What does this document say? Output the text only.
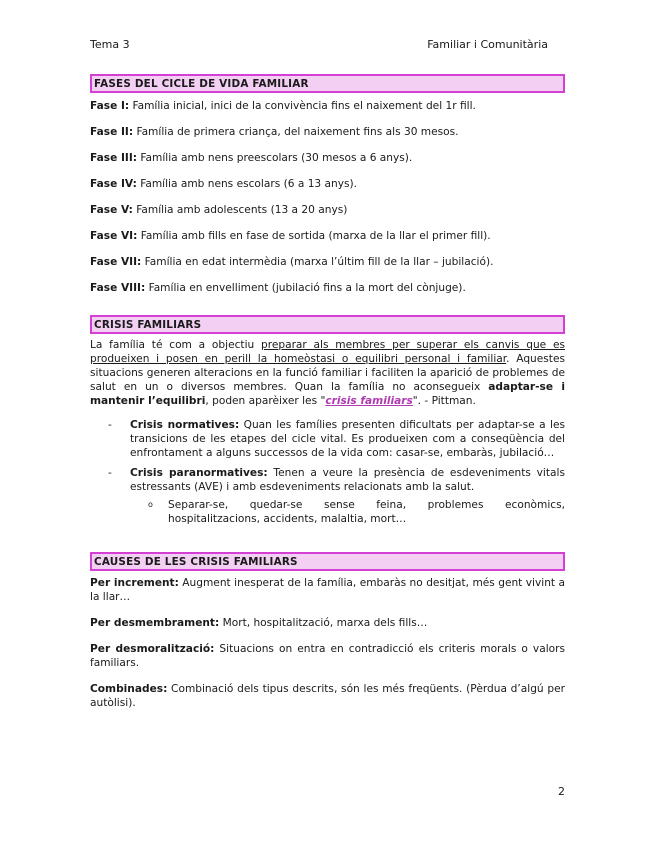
Tema 3	Familiar i Comunitària
FASES DEL CICLE DE VIDA FAMILIAR

Fase I: Família inicial, inici de la convivència fins el naixement del 1r fill.

Fase II: Família de primera criança, del naixement fins als 30 mesos.

Fase III: Família amb nens preescolars (30 mesos a 6 anys).

Fase IV: Família amb nens escolars (6 a 13 anys).

Fase V: Família amb adolescents (13 a 20 anys)

Fase VI: Família amb fills en fase de sortida (marxa de la llar el primer fill).

Fase VII: Família en edat intermèdia (marxa l’últim fill de la llar – jubilació).

Fase VIII: Família en envelliment (jubilació fins a la mort del cònjuge).

CRISIS FAMILIARS

La família té com a objectiu preparar als membres per superar els canvis que es produeixen i posen en perill la homeòstasi o equilibri personal i familiar. Aquestes situacions generen alteracions en la funció familiar i faciliten la aparició de problemes de salut en un o diversos membres. Quan la família no aconsegueix adaptar-se i mantenir l’equilibri, poden aparèixer les "crisis familiars". - Pittman.

- Crisis normatives: Quan les famílies presenten dificultats per adaptar-se a les transicions de les etapes del cicle vital. Es produeixen com a conseqüència del enfrontament a alguns successos de la vida com: casar-se, embaràs, jubilació…
- Crisis paranormatives: Tenen a veure la presència de esdeveniments vitals estressants (AVE) i amb esdeveniments relacionats amb la salut.
o Separar-se, quedar-se sense feina, problemes econòmics, hospitalitzacions, accidents, malaltia, mort…
CAUSES DE LES CRISIS FAMILIARS

Per increment: Augment inesperat de la família, embaràs no desitjat, més gent vivint a la llar…

Per desmembrament: Mort, hospitalització, marxa dels fills…

Per desmoralització: Situacions on entra en contradicció els criteris morals o valors familiars.

Combinades: Combinació dels tipus descrits, són les més freqüents. (Pèrdua d’algú per autòlisi).

2
